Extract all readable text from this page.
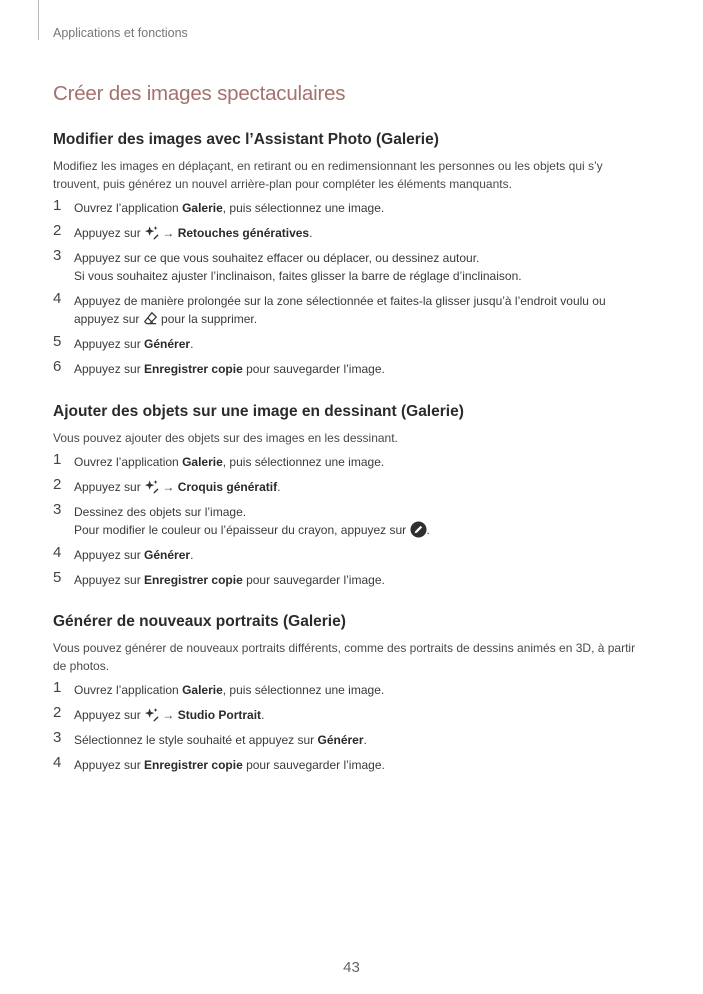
Applications et fonctions
Créer des images spectaculaires
Modifier des images avec l’Assistant Photo (Galerie)

Modifiez les images en déplaçant, en retirant ou en redimensionnant les personnes ou les objets qui s’y trouvent, puis générez un nouvel arrière-plan pour compléter les éléments manquants.

1 Ouvrez l’application Galerie, puis sélectionnez une image.
2 Appuyez sur
→ Retouches génératives.
3 Appuyez sur ce que vous souhaitez effacer ou déplacer, ou dessinez autour.
Si vous souhaitez ajuster l’inclinaison, faites glisser la barre de réglage d’inclinaison.
4 Appuyez de manière prolongée sur la zone sélectionnée et faites-la glisser jusqu’à l’endroit voulu ou appuyez sur
pour la supprimer.
5 Appuyez sur Générer.
6 Appuyez sur Enregistrer copie pour sauvegarder l’image.
Ajouter des objets sur une image en dessinant (Galerie)

Vous pouvez ajouter des objets sur des images en les dessinant.

1 Ouvrez l’application Galerie, puis sélectionnez une image.
2 Appuyez sur
→ Croquis génératif.
3 Dessinez des objets sur l’image.
Pour modifier le couleur ou l’épaisseur du crayon, appuyez sur
.
4 Appuyez sur Générer.
5 Appuyez sur Enregistrer copie pour sauvegarder l’image.
Générer de nouveaux portraits (Galerie)

Vous pouvez générer de nouveaux portraits différents, comme des portraits de dessins animés en 3D, à partir de photos.

1 Ouvrez l’application Galerie, puis sélectionnez une image.
2 Appuyez sur
→ Studio Portrait.
3 Sélectionnez le style souhaité et appuyez sur Générer.
4 Appuyez sur Enregistrer copie pour sauvegarder l’image.
43
